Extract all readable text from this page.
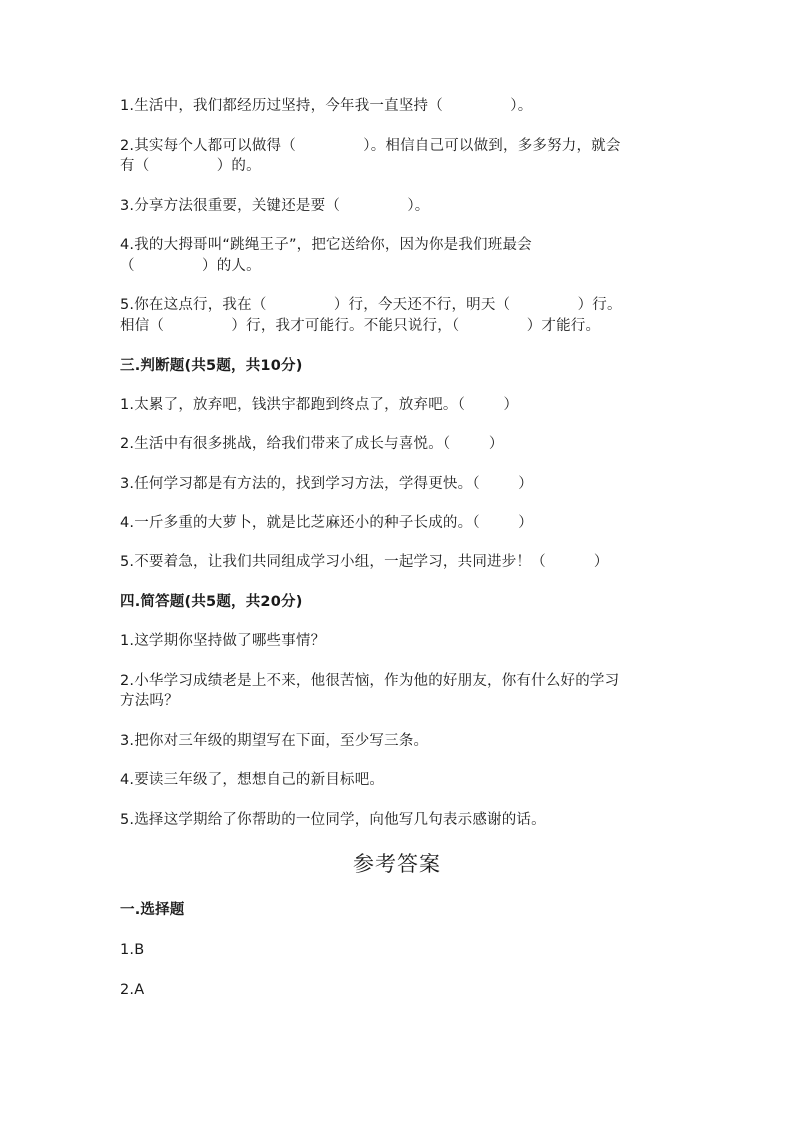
1.生活中，我们都经历过坚持，今年我一直坚持（              ）。
2.其实每个人都可以做得（              ）。相信自己可以做到，多多努力，就会
有（              ）的。
3.分享方法很重要，关键还是要（              ）。
4.我的大拇哥叫“跳绳王子”，把它送给你，因为你是我们班最会
（              ）的人。
5.你在这点行，我在（              ）行，今天还不行，明天（              ）行。
相信（              ）行，我才可能行。不能只说行，（              ）才能行。
三.判断题(共5题，共10分)
1.太累了，放弃吧，钱洪宇都跑到终点了，放弃吧。（        ）
2.生活中有很多挑战，给我们带来了成长与喜悦。（        ）
3.任何学习都是有方法的，找到学习方法，学得更快。（        ）
4.一斤多重的大萝卜，就是比芝麻还小的种子长成的。（        ）
5.不要着急，让我们共同组成学习小组，一起学习，共同进步！（          ）
四.简答题(共5题，共20分)
1.这学期你坚持做了哪些事情？
2.小华学习成绩老是上不来，他很苦恼，作为他的好朋友，你有什么好的学习
方法吗？
3.把你对三年级的期望写在下面，至少写三条。
4.要读三年级了，想想自己的新目标吧。
5.选择这学期给了你帮助的一位同学，向他写几句表示感谢的话。
参考答案
一.选择题
1.B
2.A
